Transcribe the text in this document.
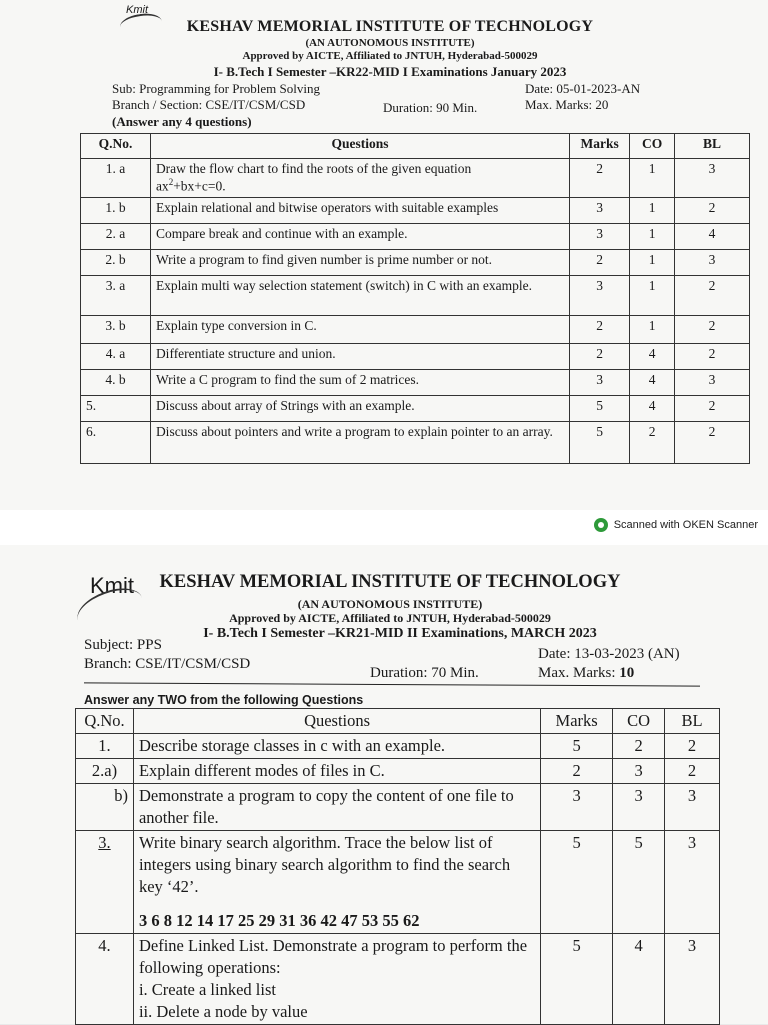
Kmit
KESHAV MEMORIAL INSTITUTE OF TECHNOLOGY
(AN AUTONOMOUS INSTITUTE)
Approved by AICTE, Affiliated to JNTUH, Hyderabad-500029
I- B.Tech I Semester –KR22-MID I Examinations January 2023
Sub: Programming for Problem Solving	Date: 05-01-2023-AN
Branch / Section: CSE/IT/CSM/CSD	Duration: 90 Min.	Max. Marks: 20
(Answer any 4 questions)
Q.No.	Questions	Marks	CO	BL
1. a	Draw the flow chart to find the roots of the given equation
$ax^2+bx+c=0$.	2	1	3
1. b	Explain relational and bitwise operators with suitable examples	3	1	2
2. a	Compare break and continue with an example.	3	1	4
2. b	Write a program to find given number is prime number or not.	2	1	3
3. a	Explain multi way selection statement (switch) in C with an example.	3	1	2
3. b	Explain type conversion in C.	2	1	2
4. a	Differentiate structure and union.	2	4	2
4. b	Write a C program to find the sum of 2 matrices.	3	4	3
5.	Discuss about array of Strings with an example.	5	4	2
6.	Discuss about pointers and write a program to explain pointer to an array.	5	2	2
Scanned with OKEN Scanner
Kmit	KESHAV MEMORIAL INSTITUTE OF TECHNOLOGY
(AN AUTONOMOUS INSTITUTE)
Approved by AICTE, Affiliated to JNTUH, Hyderabad-500029
I- B.Tech I Semester –KR21-MID II Examinations, MARCH 2023
Subject: PPS
Date: 13-03-2023 (AN)
Branch: CSE/IT/CSM/CSD
Duration: 70 Min.	Max. Marks: 10
Answer any TWO from the following Questions
Q.No.	Questions	Marks	CO	BL
1.	Describe storage classes in c with an example.	5	2	2
2.a)	Explain different modes of files in C.	2	3	2
b)	Demonstrate a program to copy the content of one file to another file.	3	3	3
3.	Write binary search algorithm. Trace the below list of integers using binary search algorithm to find the search key ‘42’.
3 6 8 12 14 17 25 29 31 36 42 47 53 55 62	5	5	3
4.	Define Linked List. Demonstrate a program to perform the following operations:
i. Create a linked list
ii. Delete a node by value	5	4	3
